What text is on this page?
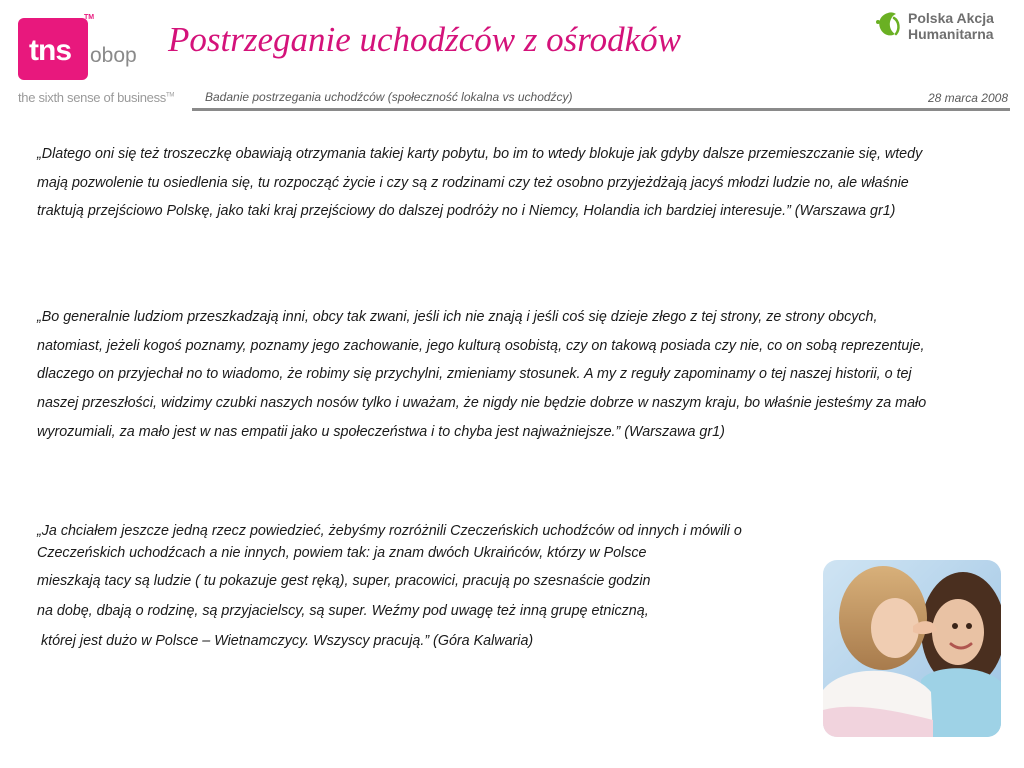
tns
TM
obop
the sixth sense of business™
Postrzeganie uchodźców z ośrodków
Polska Akcja
Humanitarna
Badanie postrzegania uchodźców (społeczność lokalna vs uchodźcy)	28 marca 2008

„Dlatego oni się też troszeczkę obawiają otrzymania takiej karty pobytu, bo im to wtedy blokuje jak gdyby dalsze przemieszczanie się, wtedy mają pozwolenie tu osiedlenia się, tu rozpocząć życie i czy są z rodzinami czy też osobno przyjeżdżają jacyś młodzi ludzie no, ale właśnie traktują przejściowo Polskę, jako taki kraj przejściowy do dalszej podróży no i Niemcy, Holandia ich bardziej interesuje.” (Warszawa gr1)

„Bo generalnie ludziom przeszkadzają inni, obcy tak zwani, jeśli ich nie znają i jeśli coś się dzieje złego z tej strony, ze strony obcych, natomiast, jeżeli kogoś poznamy, poznamy jego zachowanie, jego kulturą osobistą, czy on takową posiada czy nie, co on sobą reprezentuje, dlaczego on przyjechał no to wiadomo, że robimy się przychylni, zmieniamy stosunek. A my z reguły zapominamy o tej naszej historii, o tej naszej przeszłości, widzimy czubki naszych nosów tylko i uważam, że nigdy nie będzie dobrze w naszym kraju, bo właśnie jesteśmy za mało wyrozumiali, za mało jest w nas empatii jako u społeczeństwa i to chyba jest najważniejsze.” (Warszawa gr1)

„Ja chciałem jeszcze jedną rzecz powiedzieć, żebyśmy rozróżnili Czeczeńskich uchodźców od innych i mówili o
Czeczeńskich uchodźcach a nie innych, powiem tak: ja znam dwóch Ukraińców, którzy w Polsce
mieszkają tacy są ludzie ( tu pokazuje gest ręką), super, pracowici, pracują po szesnaście godzin
na dobę, dbają o rodzinę, są przyjacielscy, są super. Weźmy pod uwagę też inną grupę etniczną,
której jest dużo w Polsce – Wietnamczycy. Wszyscy pracują.” (Góra Kalwaria)
